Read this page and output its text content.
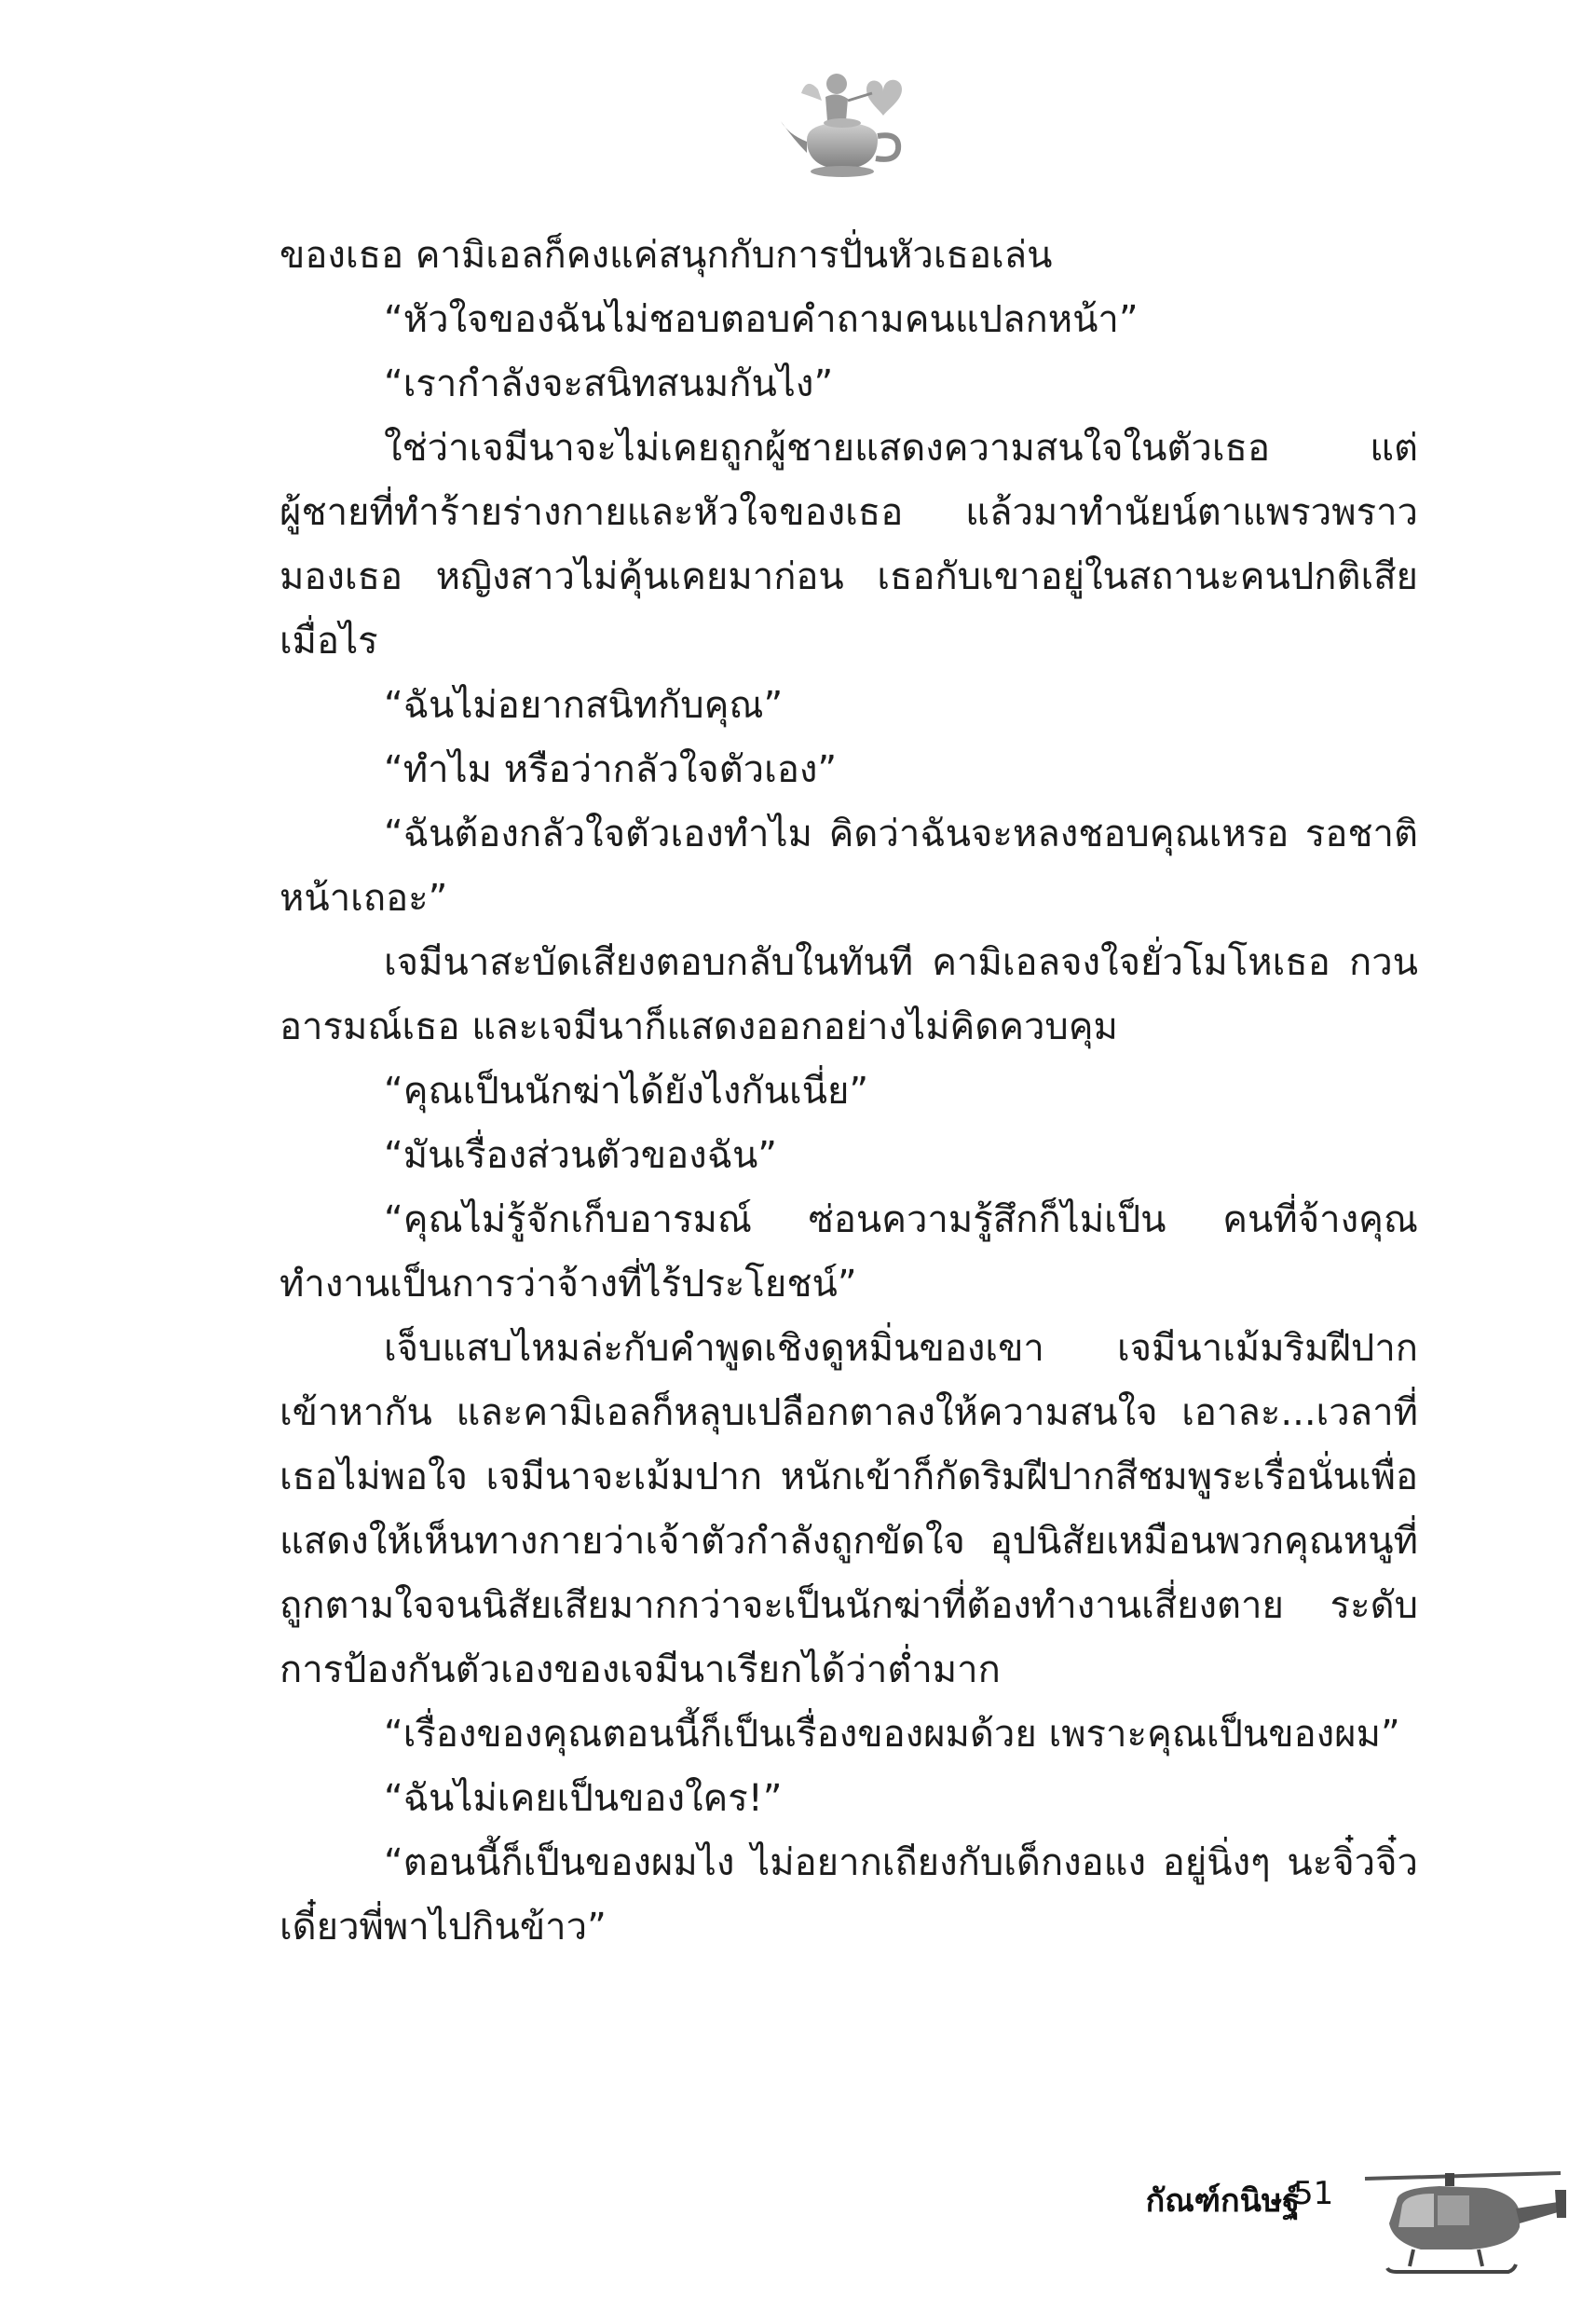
ของเธอ คามิเอลก็คงแค่สนุกกับการปั่นหัวเธอเล่น

“หัวใจของฉันไม่ชอบตอบคำถามคนแปลกหน้า”

“เรากำลังจะสนิทสนมกันไง”

ใช่ว่าเจมีนาจะไม่เคยถูกผู้ชายแสดงความสนใจในตัวเธอ แต่ผู้ชายที่ทำร้ายร่างกายและหัวใจของเธอ แล้วมาทำนัยน์ตาแพรวพราวมองเธอ หญิงสาวไม่คุ้นเคยมาก่อน เธอกับเขาอยู่ในสถานะคนปกติเสียเมื่อไร

“ฉันไม่อยากสนิทกับคุณ”

“ทำไม หรือว่ากลัวใจตัวเอง”

“ฉันต้องกลัวใจตัวเองทำไม คิดว่าฉันจะหลงชอบคุณเหรอ รอชาติหน้าเถอะ”

เจมีนาสะบัดเสียงตอบกลับในทันที คามิเอลจงใจยั่วโมโหเธอ กวนอารมณ์เธอ และเจมีนาก็แสดงออกอย่างไม่คิดควบคุม

“คุณเป็นนักฆ่าได้ยังไงกันเนี่ย”

“มันเรื่องส่วนตัวของฉัน”

“คุณไม่รู้จักเก็บอารมณ์ ซ่อนความรู้สึกก็ไม่เป็น คนที่จ้างคุณทำงานเป็นการว่าจ้างที่ไร้ประโยชน์”

เจ็บแสบไหมล่ะกับคำพูดเชิงดูหมิ่นของเขา เจมีนาเม้มริมฝีปากเข้าหากัน และคามิเอลก็หลุบเปลือกตาลงให้ความสนใจ เอาละ...เวลาที่เธอไม่พอใจ เจมีนาจะเม้มปาก หนักเข้าก็กัดริมฝีปากสีชมพูระเรื่อนั่นเพื่อแสดงให้เห็นทางกายว่าเจ้าตัวกำลังถูกขัดใจ อุปนิสัยเหมือนพวกคุณหนูที่ถูกตามใจจนนิสัยเสียมากกว่าจะเป็นนักฆ่าที่ต้องทำงานเสี่ยงตาย ระดับการป้องกันตัวเองของเจมีนาเรียกได้ว่าต่ำมาก

“เรื่องของคุณตอนนี้ก็เป็นเรื่องของผมด้วย เพราะคุณเป็นของผม”

“ฉันไม่เคยเป็นของใคร!”

“ตอนนี้ก็เป็นของผมไง ไม่อยากเถียงกับเด็กงอแง อยู่นิ่งๆ นะจิ๋วจิ๋ว เดี๋ยวพี่พาไปกินข้าว”

กัณฑ์กนิษฐ์
51
